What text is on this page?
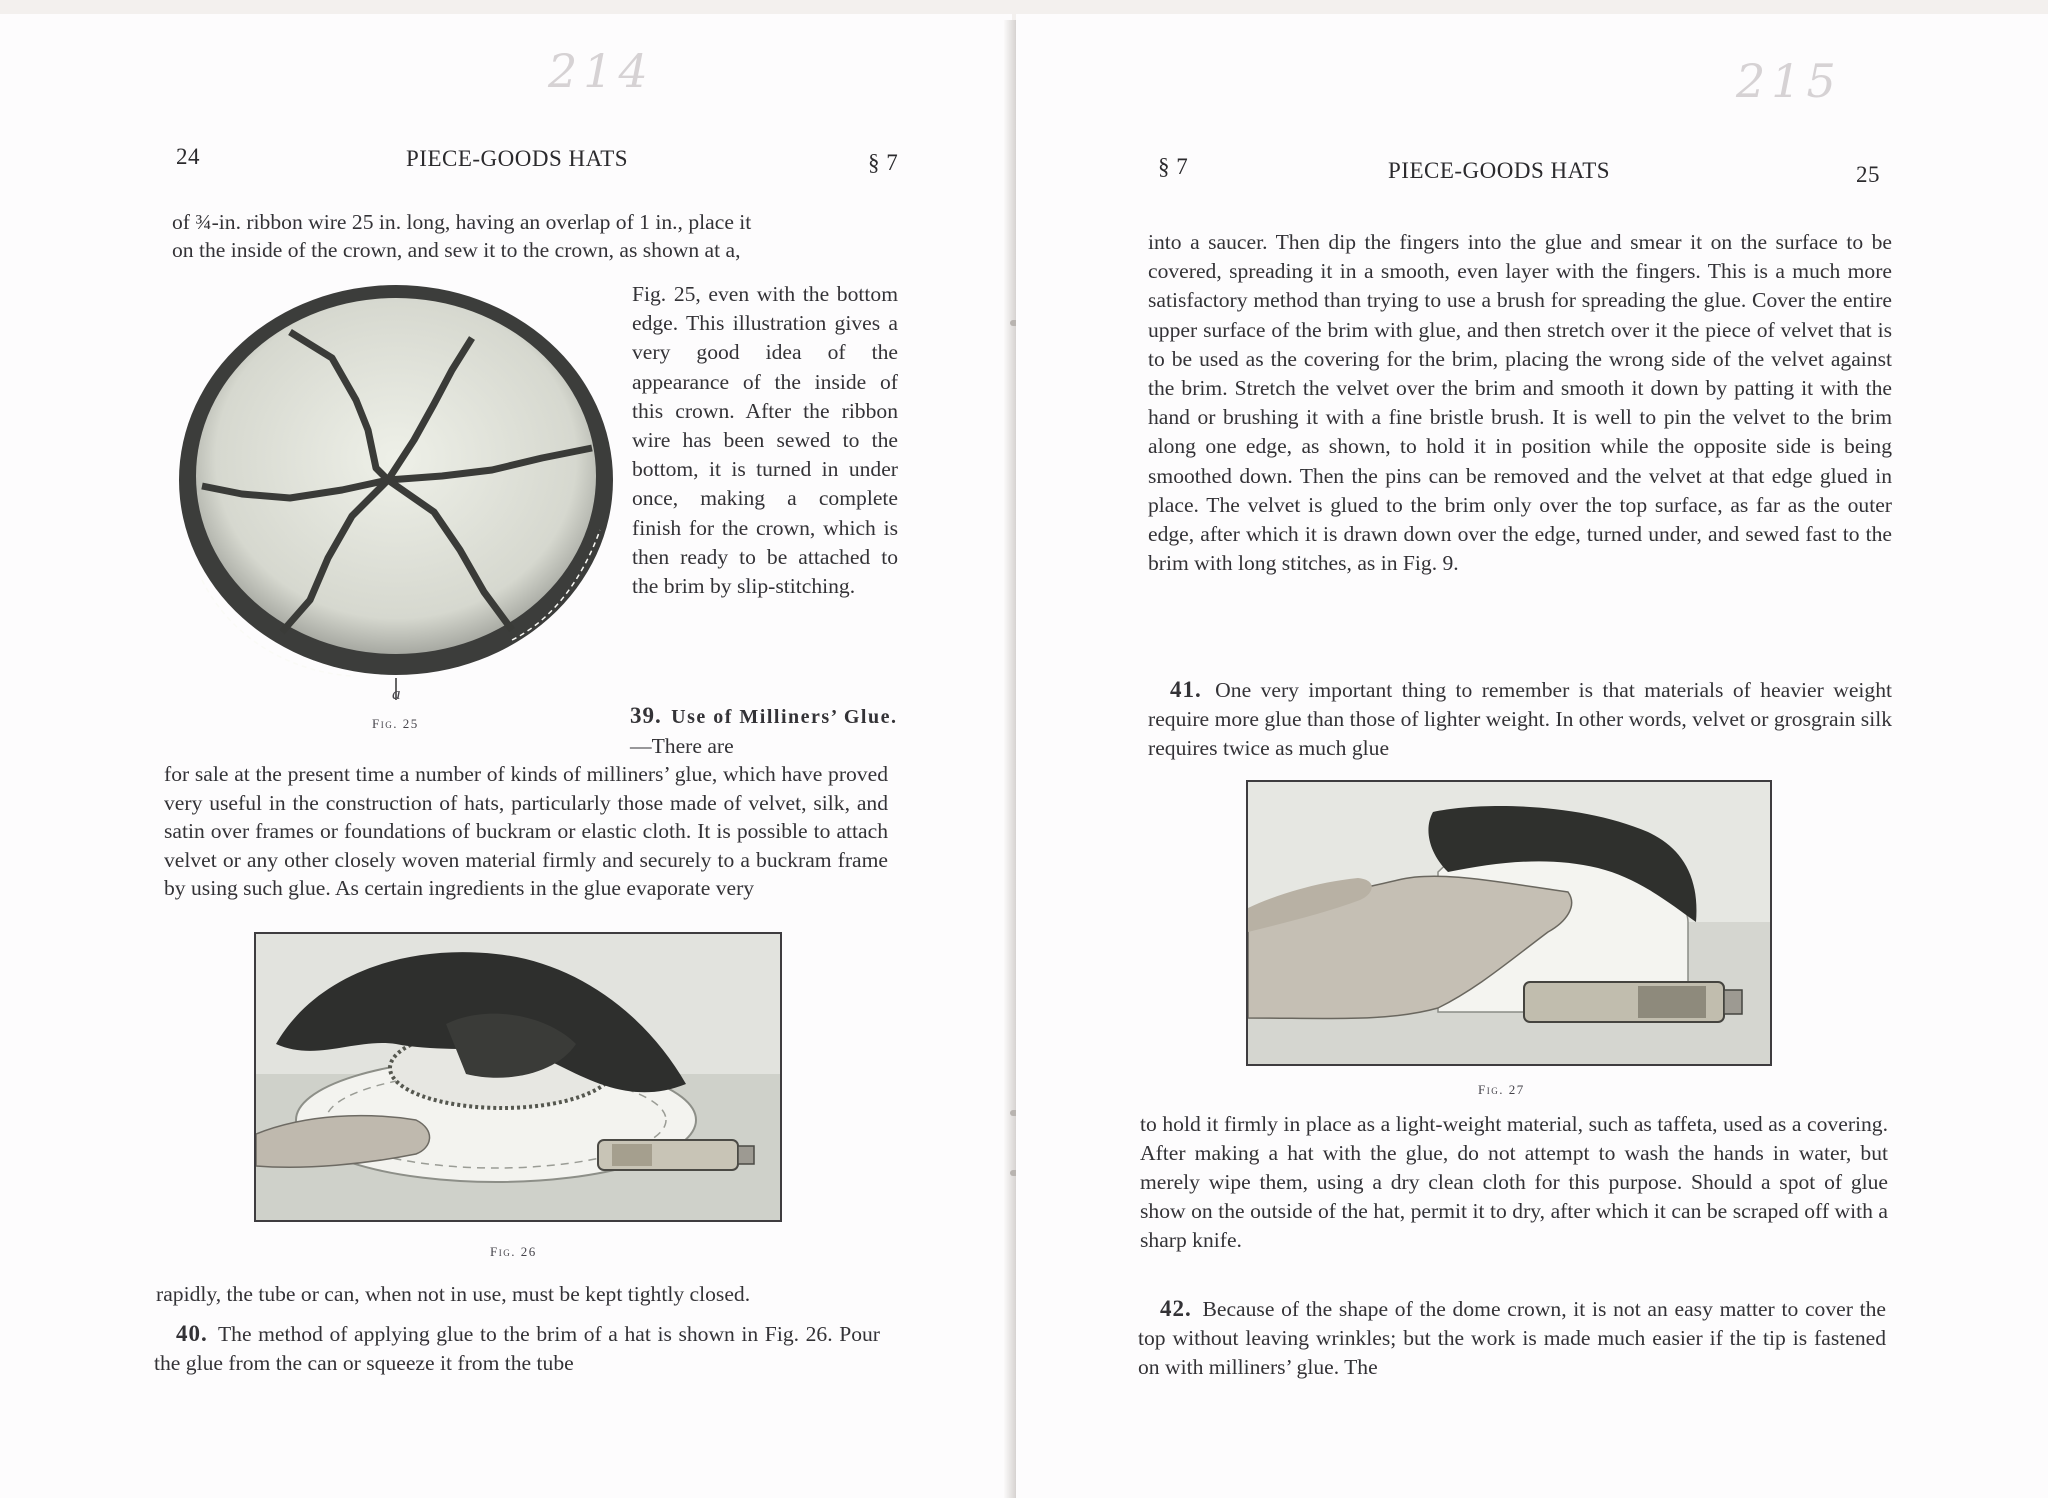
214
24	PIECE-GOODS HATS	§ 7
of ¾-in. ribbon wire 25 in. long, having an overlap of 1 in., place it
on the inside of the crown, and sew it to the crown, as shown at a,
a
Fig. 25
Fig. 25, even with the bottom edge. This illustration gives a very good idea of the appearance of the inside of this crown. After the ribbon wire has been sewed to the bottom, it is turned in under once, making a complete finish for the crown, which is then ready to be attached to the brim by slip-stitching.
39. Use of Milliners’ Glue.—There are
for sale at the present time a number of kinds of milliners’ glue, which have proved very useful in the construction of hats, particularly those made of velvet, silk, and satin over frames or foundations of buckram or elastic cloth. It is possible to attach velvet or any other closely woven material firmly and securely to a buckram frame by using such glue. As certain ingredients in the glue evaporate very
Fig. 26
rapidly, the tube or can, when not in use, must be kept tightly closed.

40. The method of applying glue to the brim of a hat is shown in Fig. 26. Pour the glue from the can or squeeze it from the tube

215
§ 7	PIECE-GOODS HATS	25
into a saucer. Then dip the fingers into the glue and smear it on the surface to be covered, spreading it in a smooth, even layer with the fingers. This is a much more satisfactory method than trying to use a brush for spreading the glue. Cover the entire upper surface of the brim with glue, and then stretch over it the piece of velvet that is to be used as the covering for the brim, placing the wrong side of the velvet against the brim. Stretch the velvet over the brim and smooth it down by patting it with the hand or brushing it with a fine bristle brush. It is well to pin the velvet to the brim along one edge, as shown, to hold it in position while the opposite side is being smoothed down. Then the pins can be removed and the velvet at that edge glued in place. The velvet is glued to the brim only over the top surface, as far as the outer edge, after which it is drawn down over the edge, turned under, and sewed fast to the brim with long stitches, as in Fig. 9.

41. One very important thing to remember is that materials of heavier weight require more glue than those of lighter weight. In other words, velvet or grosgrain silk requires twice as much glue

Fig. 27
to hold it firmly in place as a light-weight material, such as taffeta, used as a covering. After making a hat with the glue, do not attempt to wash the hands in water, but merely wipe them, using a dry clean cloth for this purpose. Should a spot of glue show on the outside of the hat, permit it to dry, after which it can be scraped off with a sharp knife.

42. Because of the shape of the dome crown, it is not an easy matter to cover the top without leaving wrinkles; but the work is made much easier if the tip is fastened on with milliners’ glue. The
